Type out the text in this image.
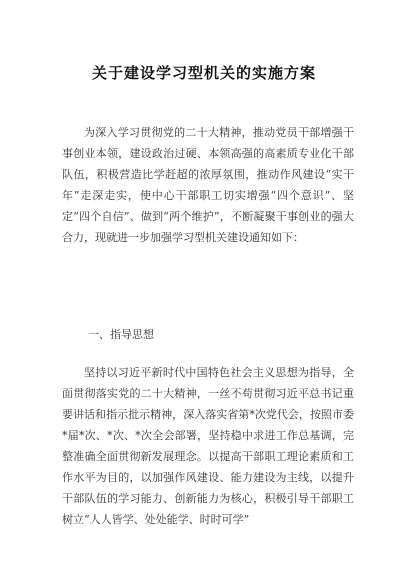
关于建设学习型机关的实施方案
为深入学习贯彻党的二十大精神，推动党员干部增强干事创业本领，建设政治过硬、本领高强的高素质专业化干部队伍，积极营造比学赶超的浓厚氛围，推动作风建设“实干年”走深走实，使中心干部职工切实增强“四个意识”、坚定“四个自信”、做到“两个维护”，不断凝聚干事创业的强大合力，现就进一步加强学习型机关建设通知如下：
一、指导思想
坚持以习近平新时代中国特色社会主义思想为指导，全面贯彻落实党的二十大精神，一丝不苟贯彻习近平总书记重要讲话和指示批示精神，深入落实省第*次党代会，按照市委*届*次、*次、*次全会部署，坚持稳中求进工作总基调，完整准确全面贯彻新发展理念。以提高干部职工理论素质和工作水平为目的，以加强作风建设、能力建设为主线，以提升干部队伍的学习能力、创新能力为核心，积极引导干部职工树立“人人皆学、处处能学、时时可学”
